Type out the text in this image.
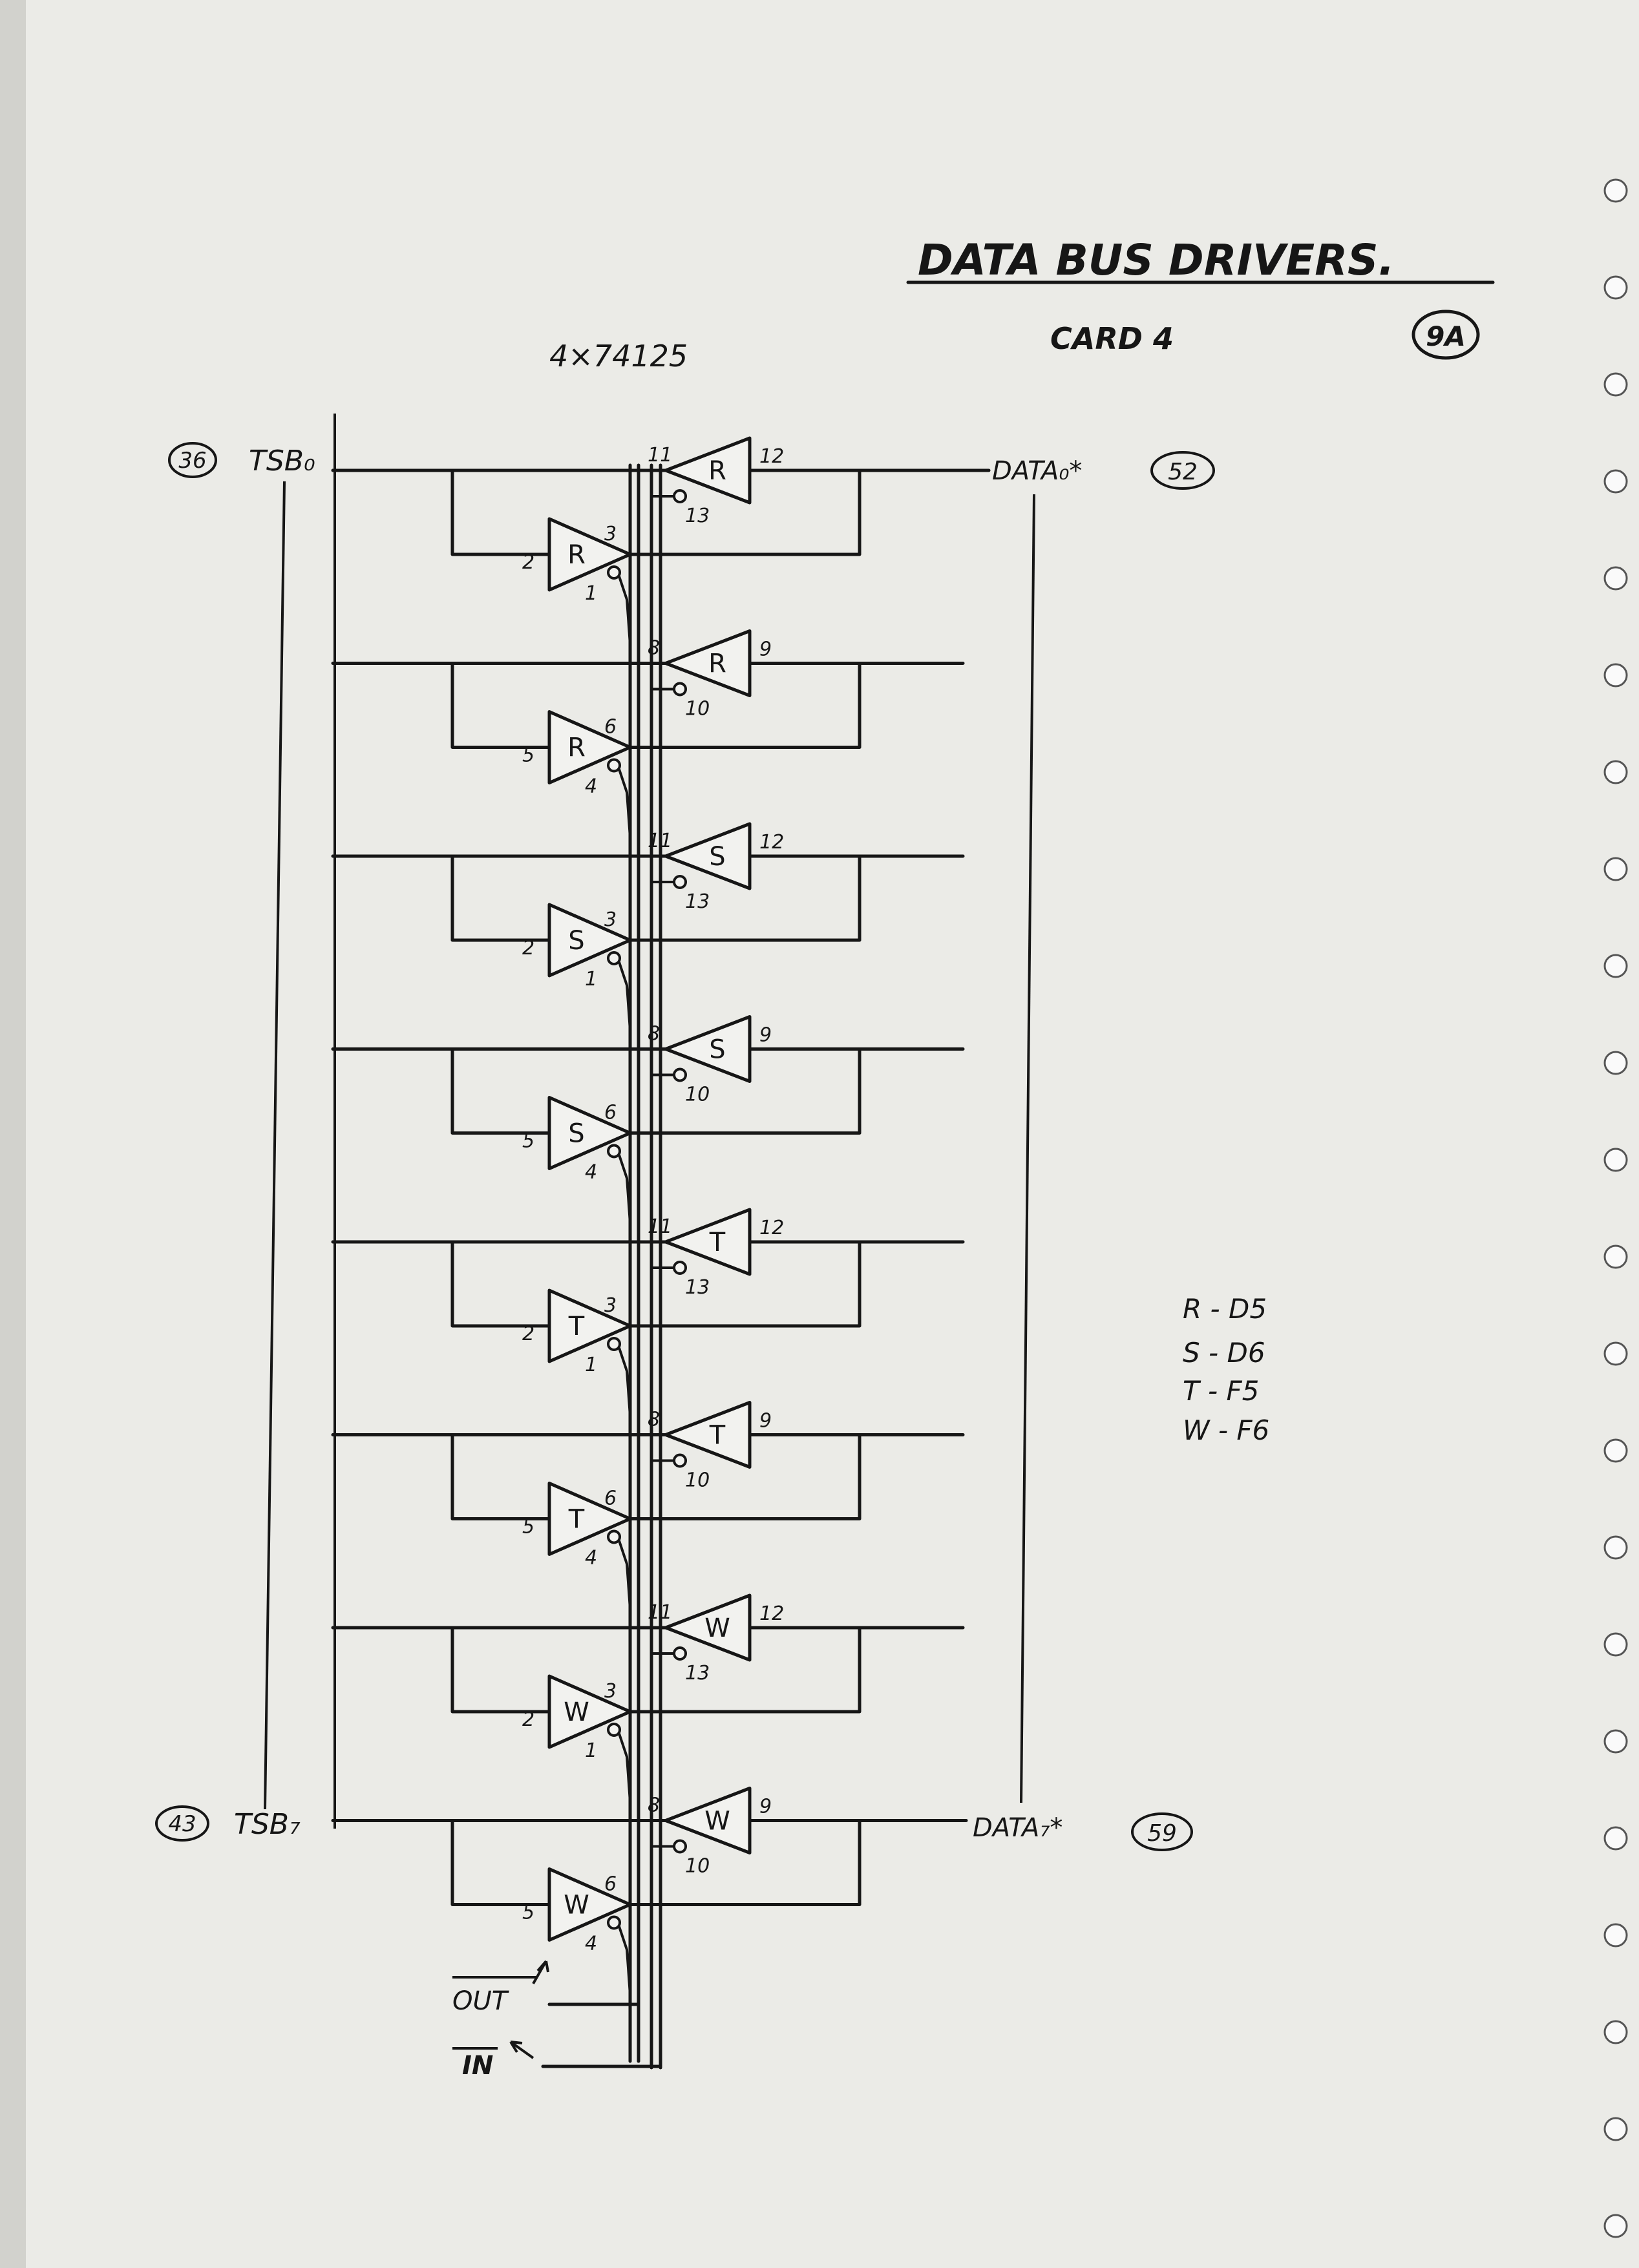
DATA BUS DRIVERS.
CARD 4	9A
4×74125
OUT
IN
36 TSB₀	DATA₀*	52
43 TSB₇	DATA₇*	59
R - D5
S - D6
T - F5
W - F6
R
11	12
13
R
2
3
1
R
8	9
10
R
5
6
4
S
11	12
13
S
2
3
1
S
8	9
10
S
5
6
4
T
11	12
13
T
2
3
1
T
8	9
10
T
5
6
4
W
11	12
13
W
2
3
1
W
8	9
10
W
5
6
4
